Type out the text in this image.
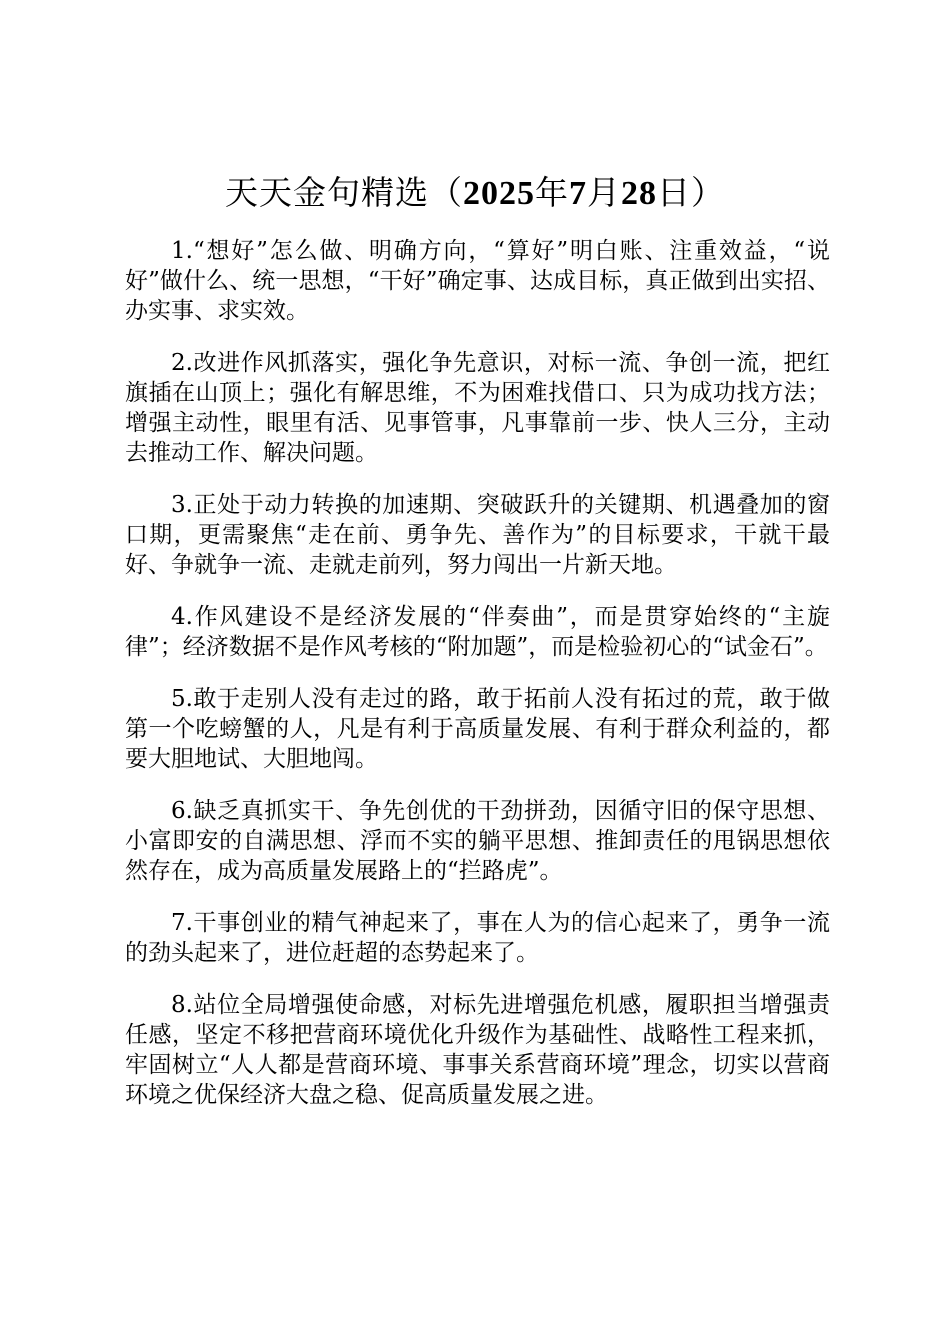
天天金句精选（2025年7月28日）

1.“想好”怎么做、明确方向，“算好”明白账、注重效益，“说好”做什么、统一思想，“干好”确定事、达成目标，真正做到出实招、办实事、求实效。

2.改进作风抓落实，强化争先意识，对标一流、争创一流，把红旗插在山顶上；强化有解思维，不为困难找借口、只为成功找方法；增强主动性，眼里有活、见事管事，凡事靠前一步、快人三分，主动去推动工作、解决问题。

3.正处于动力转换的加速期、突破跃升的关键期、机遇叠加的窗口期，更需聚焦“走在前、勇争先、善作为”的目标要求，干就干最好、争就争一流、走就走前列，努力闯出一片新天地。

4.作风建设不是经济发展的“伴奏曲”，而是贯穿始终的“主旋律”；经济数据不是作风考核的“附加题”，而是检验初心的“试金石”。

5.敢于走别人没有走过的路，敢于拓前人没有拓过的荒，敢于做第一个吃螃蟹的人，凡是有利于高质量发展、有利于群众利益的，都要大胆地试、大胆地闯。

6.缺乏真抓实干、争先创优的干劲拼劲，因循守旧的保守思想、小富即安的自满思想、浮而不实的躺平思想、推卸责任的甩锅思想依然存在，成为高质量发展路上的“拦路虎”。

7.干事创业的精气神起来了，事在人为的信心起来了，勇争一流的劲头起来了，进位赶超的态势起来了。

8.站位全局增强使命感，对标先进增强危机感，履职担当增强责任感，坚定不移把营商环境优化升级作为基础性、战略性工程来抓，牢固树立“人人都是营商环境、事事关系营商环境”理念，切实以营商环境之优保经济大盘之稳、促高质量发展之进。
